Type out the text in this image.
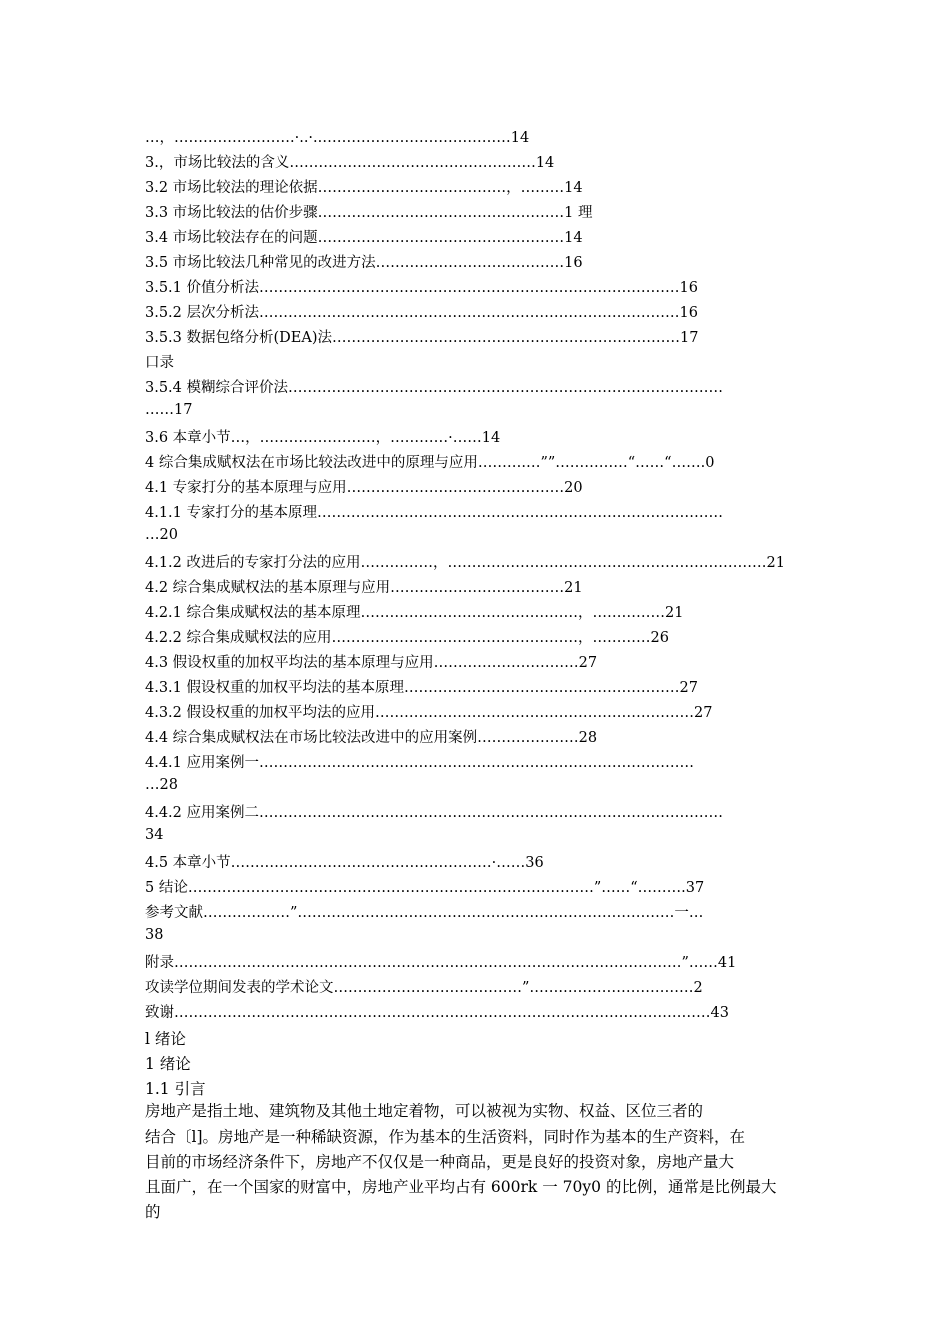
…，…………………….·..·..…………………………………14
3.，市场比较法的含义……………………………………………14
3.2 市场比较法的理论依据…………………………………，………14
3.3 市场比较法的估价步骤……………………………………………1 理
3.4 市场比较法存在的问题……………………………………………14
3.5 市场比较法几种常见的改进方法…………………………………16
3.5.1 价值分析法……………………………………………………………………………16
3.5.2 层次分析法……………………………………………………………………………16
3.5.3 数据包络分析(DEA)法………………………………………………………………17
口录
3.5.4 模糊综合评价法………………………………………………………………………………
……17
3.6 本章小节…，……………………，…………·……14
4 综合集成赋权法在市场比较法改进中的原理与应用……….…””……………“……“…….0
4.1 专家打分的基本原理与应用………………………………………20
4.1.1 专家打分的基本原理…………………………………………………………………………
…20
4.1.2 改进后的专家打分法的应用……………，…………………………………………………………21
4.2 综合集成赋权法的基本原理与应用………………………………21
4.2.1 综合集成赋权法的基本原理………………………………………，……………21
4.2.2 综合集成赋权法的应用……………………………………………，…………26
4.3 假设权重的加权平均法的基本原理与应用…………………………27
4.3.1 假设权重的加权平均法的基本原理…………………………………………………27
4.3.2 假设权重的加权平均法的应用…………………………………………………………27
4.4 综合集成赋权法在市场比较法改进中的应用案例…………………28
4.4.1 应用案例一………………………………………………………………………………
…28
4.4.2 应用案例二……………………………………………………………………………………
34
4.5 本章小节………………………………………………·……36
5 结论…………………………………………………………………………”……“……….37
参考文献………………”……………………………………………………………………一…
38
附录……………………………………………………………………………………………”……41
攻读学位期间发表的学术论文…………………………………”…….………………………2
致谢…………………………………………………………………………………………………43
l 绪论
1 绪论
1.1 引言
房地产是指土地、建筑物及其他土地定着物，可以被视为实物、权益、区位三者的
结合〔l]。房地产是一种稀缺资源，作为基本的生活资料，同时作为基本的生产资料，在
目前的市场经济条件下，房地产不仅仅是一种商品，更是良好的投资对象，房地产量大
且面广，在一个国家的财富中，房地产业平均占有 600rk 一 70y0 的比例，通常是比例最大
的
